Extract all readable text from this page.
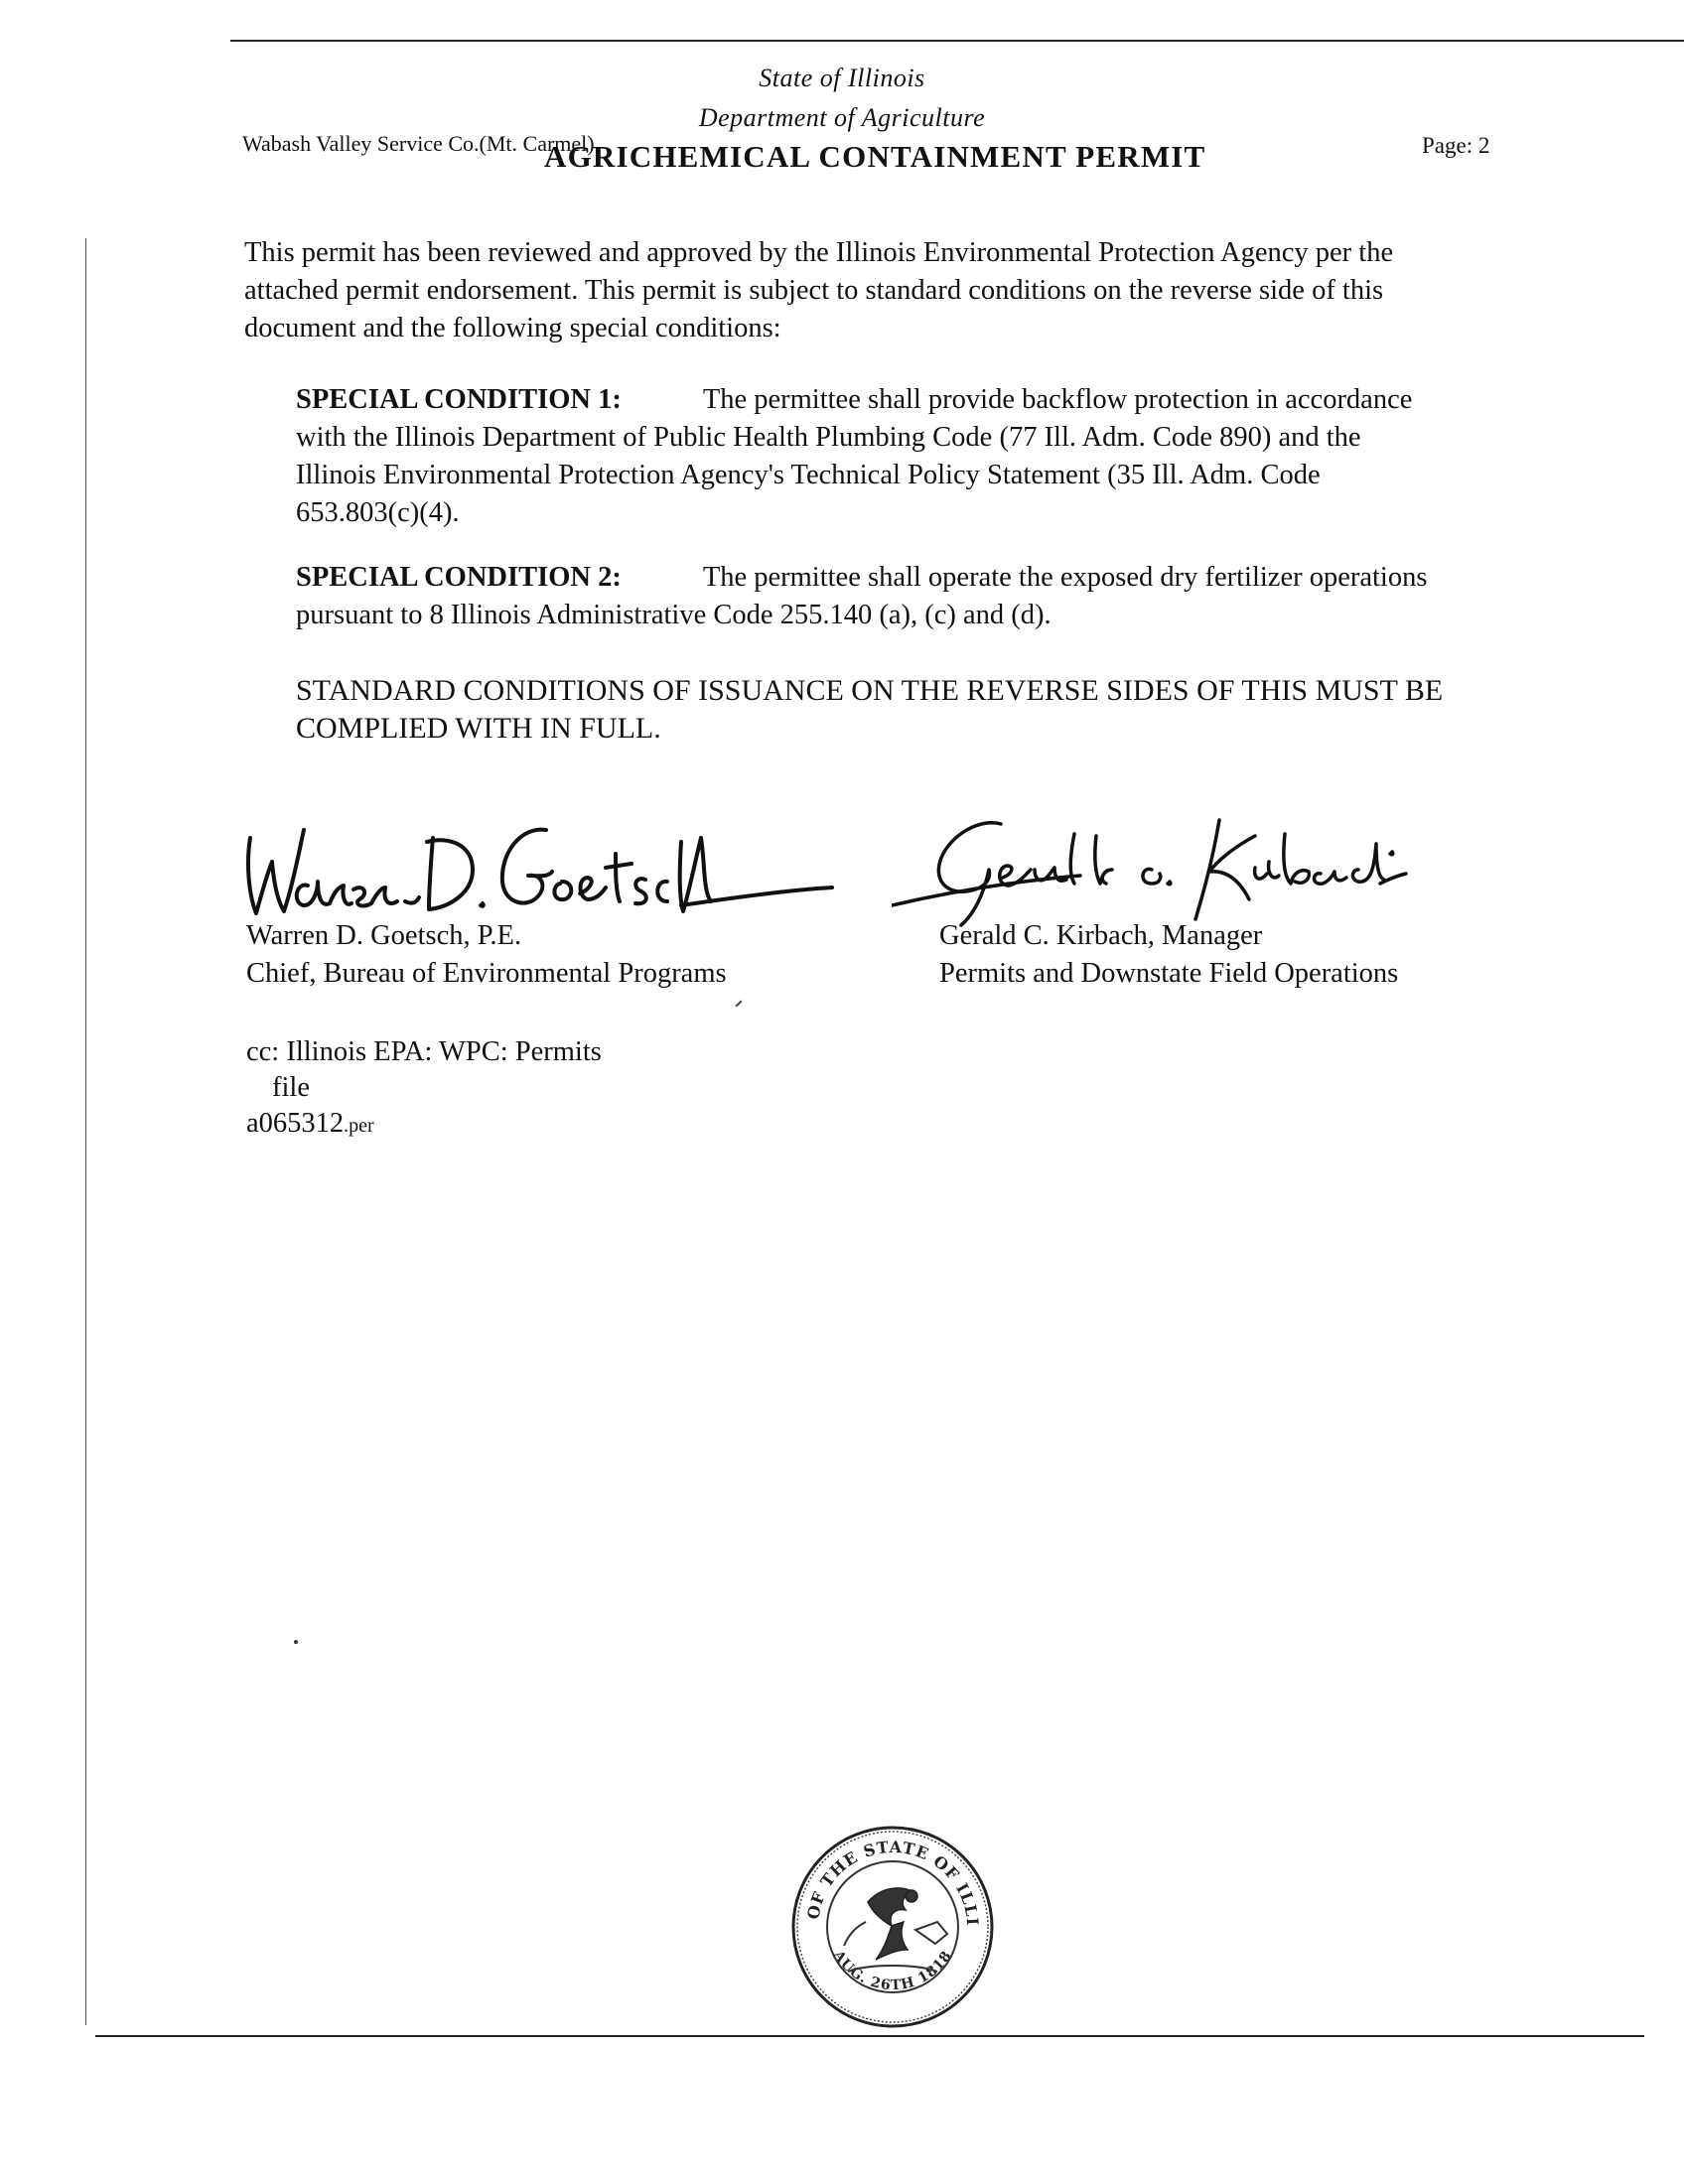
State of Illinois
Department of Agriculture
Wabash Valley Service Co.(Mt. Carmel)
AGRICHEMICAL CONTAINMENT PERMIT	Page: 2

This permit has been reviewed and approved by the Illinois Environmental Protection Agency per the

attached permit endorsement. This permit is subject to standard conditions on the reverse side of this

document and the following special conditions:

SPECIAL CONDITION 1:	The permittee shall provide backflow protection in accordance

with the Illinois Department of Public Health Plumbing Code (77 Ill. Adm. Code 890) and the

Illinois Environmental Protection Agency's Technical Policy Statement (35 Ill. Adm. Code

653.803(c)(4).

SPECIAL CONDITION 2:	The permittee shall operate the exposed dry fertilizer operations

pursuant to 8 Illinois Administrative Code 255.140 (a), (c) and (d).

STANDARD CONDITIONS OF ISSUANCE ON THE REVERSE SIDES OF THIS MUST BE

COMPLIED WITH IN FULL.

Warren D. Goetsch, P.E.
Chief, Bureau of Environmental Programs
Gerald C. Kirbach, Manager
Permits and Downstate Field Operations
cc: Illinois EPA: WPC: Permits
file
a065312.per
OF THE STATE OF ILLI
AUG. 26TH 1818
